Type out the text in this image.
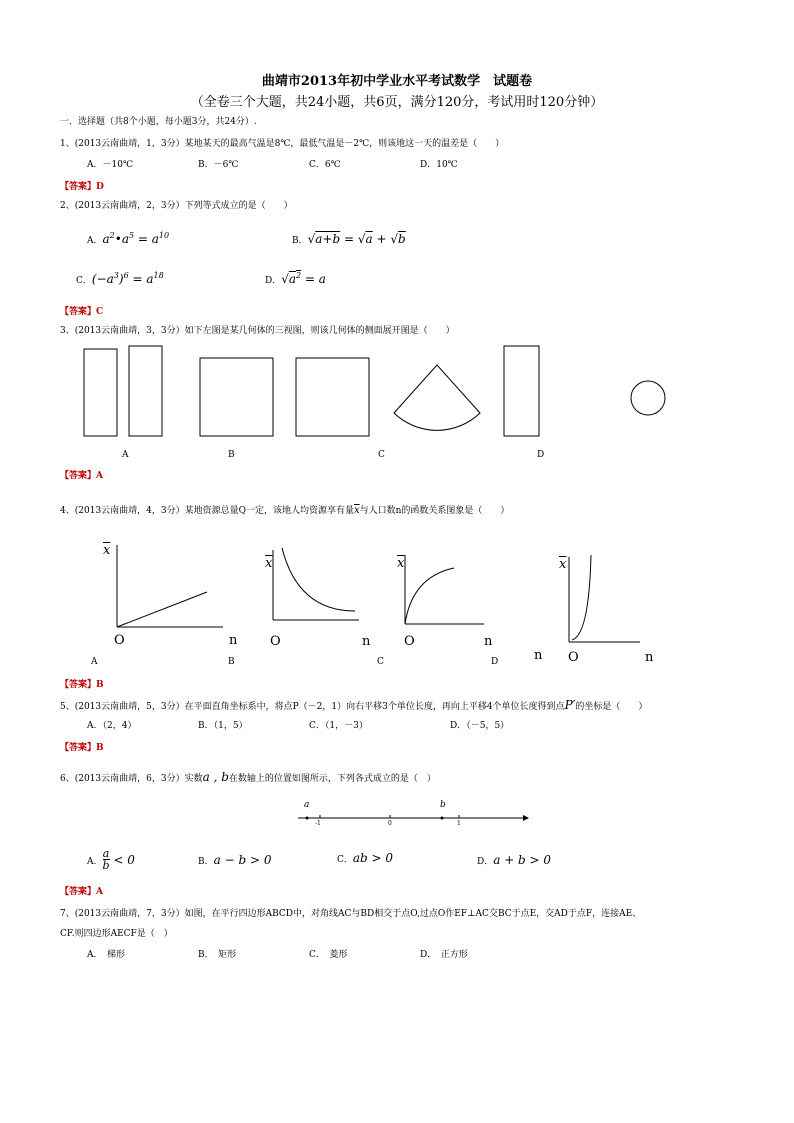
曲靖市2013年初中学业水平考试数学　试题卷
（全卷三个大题，共24小题，共6页，满分120分，考试用时120分钟）
一．选择题（共8个小题，每小题3分，共24分）.
1、(2013云南曲靖，1，3分）某地某天的最高气温是8℃，最低气温是－2℃，则该地这一天的温差是（　　）
A．－10℃	B．－6℃	C．6℃	D．10℃
【答案】D
2、(2013云南曲靖，2，3分）下列等式成立的是（　　）
A．$a^2•a^5 = a^{10}$
B．√a+b = √a + √b
C．$(-a^3)^6 = a^{18}$
D．$√a^2 = a$
【答案】C
3、(2013云南曲靖，3，3分）如下左图是某几何体的三视图，则该几何体的侧面展开图是（　　）
A	B	C	D
【答案】A
4、(2013云南曲靖，4，3分）某地资源总量Q一定，该地人均资源享有量$\overline{x}$与人口数n的函数关系图象是（　　）
$\overline{x}$
O	n
$\overline{x}$
O	n
$\overline{x}$
O	n
$\overline{x}$
O	n
n
A	B	C	D
【答案】B
5、(2013云南曲靖，5，3分）在平面直角坐标系中，将点P（－2，1）向右平移3个单位长度，再向上平移4个单位长度得到点P′的坐标是（　　）
A．（2，4）	B．（1，5）	C．（1，－3）	D．（－5，5）
【答案】B
6、(2013云南曲靖，6，3分）实数a , b在数轴上的位置如图所示，下列各式成立的是（　）
a	b
-1	0	1
A． $\frac{a}{b} < 0$	B．a − b > 0	C．ab > 0	D．a + b > 0
【答案】A
7、(2013云南曲靖，7，3分）如图，在平行四边形ABCD中，对角线AC与BD相交于点O,过点O作EF⊥AC交BC于点E，交AD于点F，连接AE、
CF.则四边形AECF是（　）
A．　梯形	B．　矩形	C．　菱形	D．　正方形
